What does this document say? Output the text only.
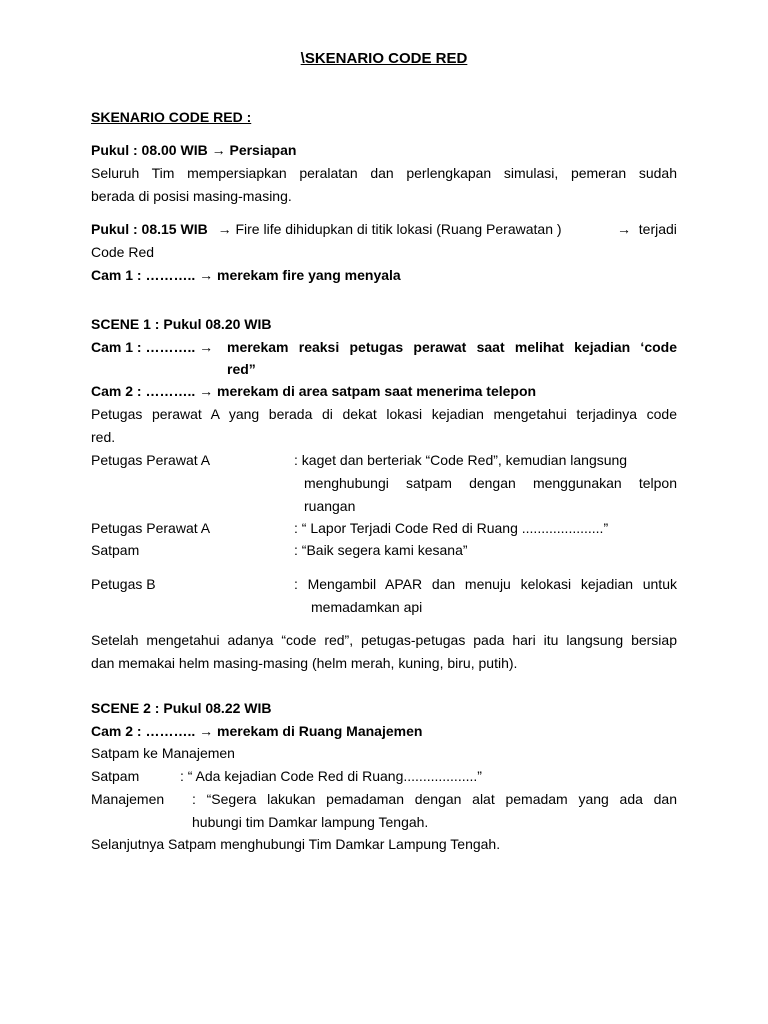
\SKENARIO CODE RED
SKENARIO CODE RED :
Pukul : 08.00 WIB → Persiapan
Seluruh Tim mempersiapkan peralatan dan perlengkapan simulasi, pemeran sudah
berada di posisi masing-masing.
Pukul : 08.15 WIB → Fire life dihidupkan di titik lokasi (Ruang Perawatan )	→ terjadi
Code Red
Cam 1 : ……….. → merekam fire yang menyala
SCENE 1 : Pukul 08.20 WIB
Cam 1 : ……….. → merekam reaksi petugas perawat saat melihat kejadian ‘code
red”
Cam 2 : ……….. → merekam di area satpam saat menerima telepon
Petugas perawat A yang berada di dekat lokasi kejadian mengetahui terjadinya code
red.
Petugas Perawat A	: kaget dan berteriak “Code Red”, kemudian langsung
menghubungi satpam dengan menggunakan telpon
ruangan
Petugas Perawat A	: “ Lapor Terjadi Code Red di Ruang .....................”
Satpam	: “Baik segera kami kesana”
Petugas B	: Mengambil APAR dan menuju kelokasi kejadian untuk
memadamkan api
Setelah mengetahui adanya “code red”, petugas-petugas pada hari itu langsung bersiap
dan memakai helm masing-masing (helm merah, kuning, biru, putih).
SCENE 2 : Pukul 08.22 WIB
Cam 2 : ……….. → merekam di Ruang Manajemen
Satpam ke Manajemen
Satpam	: “ Ada kejadian Code Red di Ruang...................”
Manajemen : “Segera lakukan pemadaman dengan alat pemadam yang ada dan
hubungi tim Damkar lampung Tengah.
Selanjutnya Satpam menghubungi Tim Damkar Lampung Tengah.
